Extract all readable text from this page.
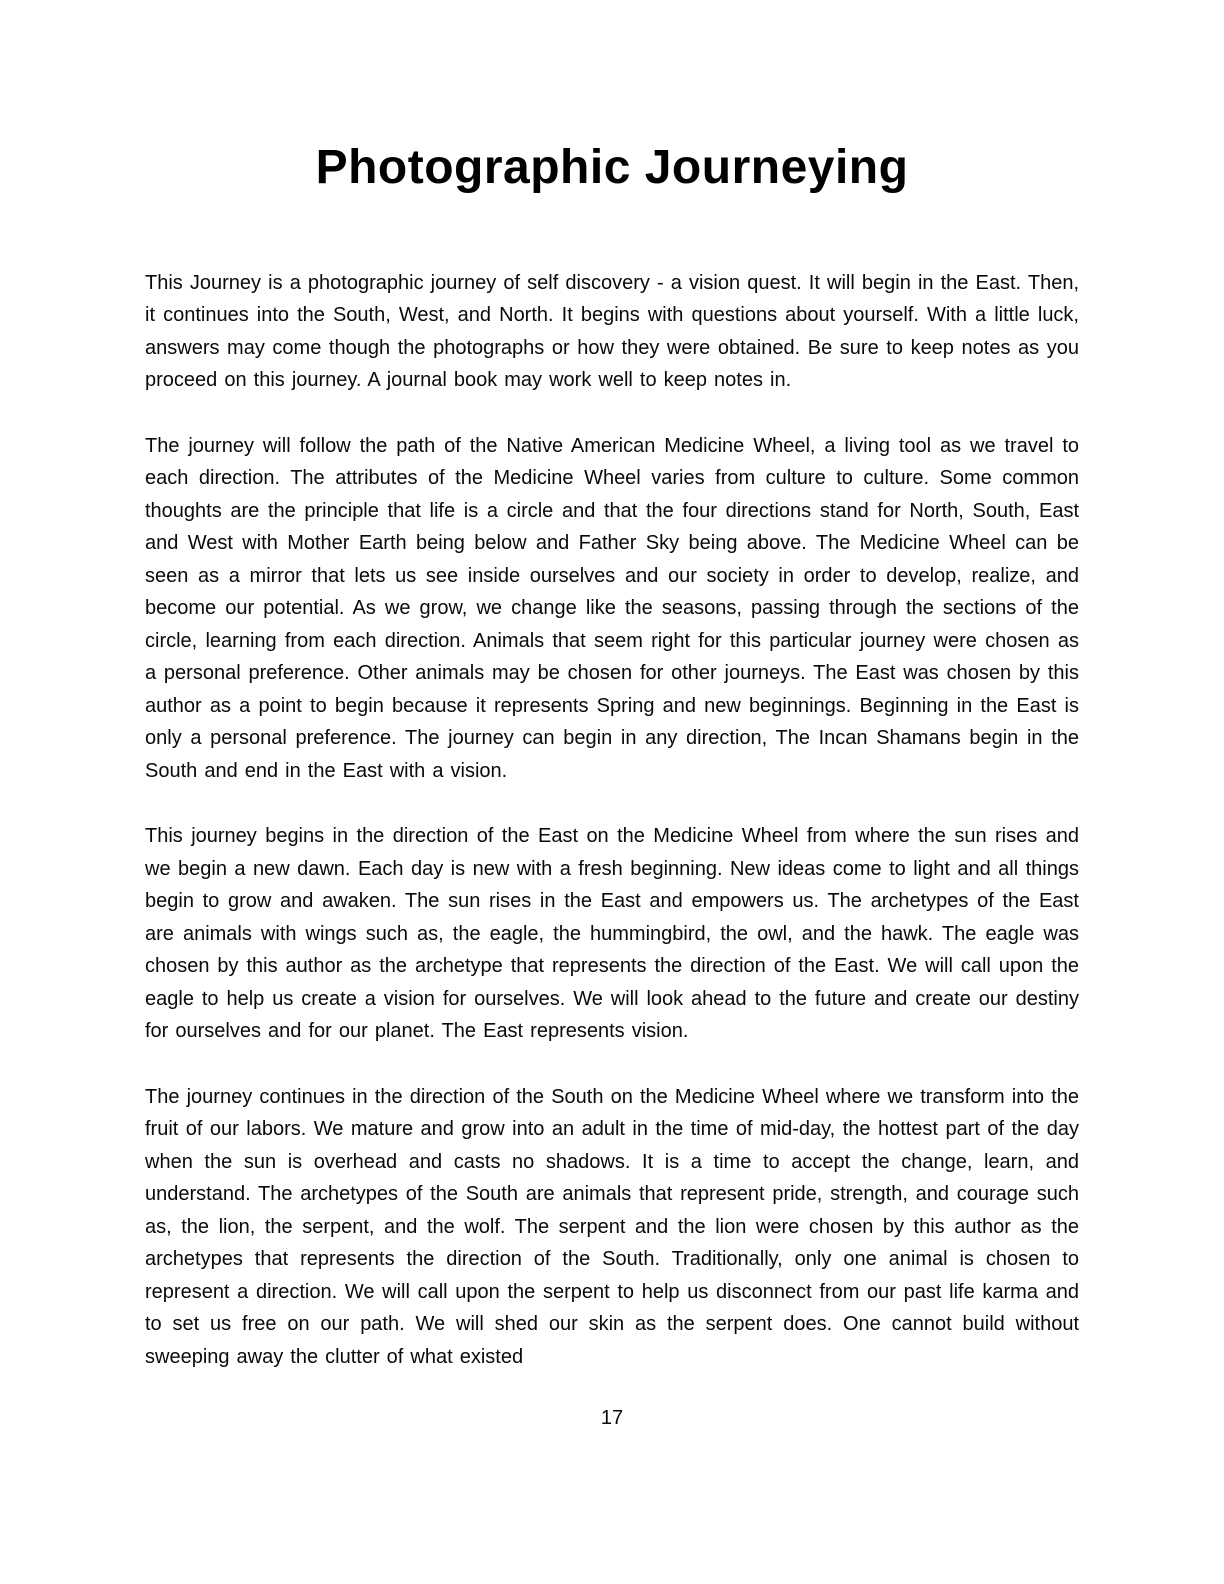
Photographic Journeying

This Journey is a photographic journey of self discovery - a vision quest. It will begin in the East. Then, it continues into the South, West, and North. It begins with questions about yourself. With a little luck, answers may come though the photographs or how they were obtained. Be sure to keep notes as you proceed on this journey. A journal book may work well to keep notes in.

The journey will follow the path of the Native American Medicine Wheel, a living tool as we travel to each direction. The attributes of the Medicine Wheel varies from culture to culture. Some common thoughts are the principle that life is a circle and that the four directions stand for North, South, East and West with Mother Earth being below and Father Sky being above. The Medicine Wheel can be seen as a mirror that lets us see inside ourselves and our society in order to develop, realize, and become our potential. As we grow, we change like the seasons, passing through the sections of the circle, learning from each direction. Animals that seem right for this particular journey were chosen as a personal preference. Other animals may be chosen for other journeys. The East was chosen by this author as a point to begin because it represents Spring and new beginnings. Beginning in the East is only a personal preference. The journey can begin in any direction, The Incan Shamans begin in the South and end in the East with a vision.

This journey begins in the direction of the East on the Medicine Wheel from where the sun rises and we begin a new dawn. Each day is new with a fresh beginning. New ideas come to light and all things begin to grow and awaken. The sun rises in the East and empowers us. The archetypes of the East are animals with wings such as, the eagle, the hummingbird, the owl, and the hawk. The eagle was chosen by this author as the archetype that represents the direction of the East. We will call upon the eagle to help us create a vision for ourselves. We will look ahead to the future and create our destiny for ourselves and for our planet. The East represents vision.

The journey continues in the direction of the South on the Medicine Wheel where we transform into the fruit of our labors. We mature and grow into an adult in the time of mid-day, the hottest part of the day when the sun is overhead and casts no shadows. It is a time to accept the change, learn, and understand. The archetypes of the South are animals that represent pride, strength, and courage such as, the lion, the serpent, and the wolf. The serpent and the lion were chosen by this author as the archetypes that represents the direction of the South. Traditionally, only one animal is chosen to represent a direction. We will call upon the serpent to help us disconnect from our past life karma and to set us free on our path. We will shed our skin as the serpent does. One cannot build without sweeping away the clutter of what existed

17
